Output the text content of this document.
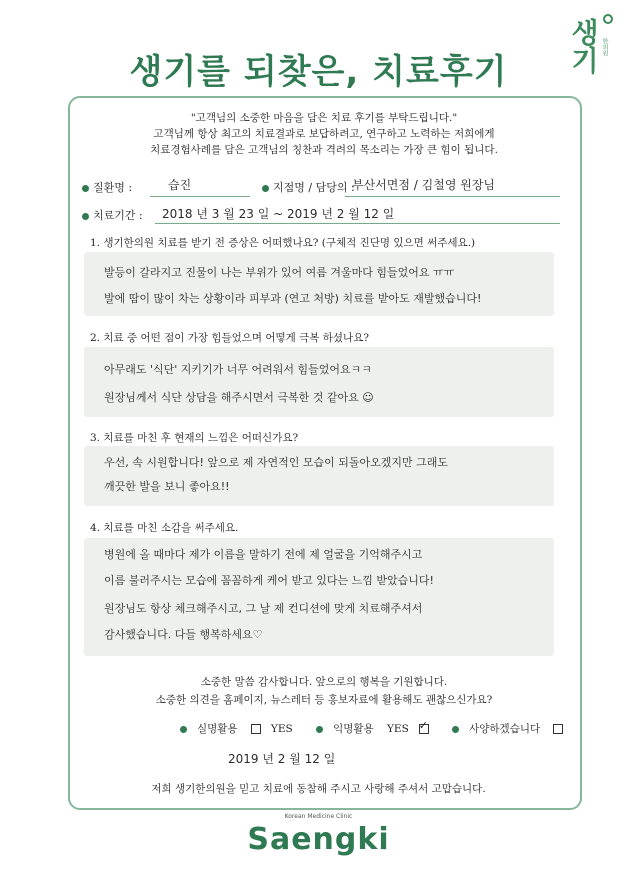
생기를 되찾은, 치료후기	생기 한의원
"고객님의 소중한 마음을 담은 치료 후기를 부탁드립니다."
고객님께 항상 최고의 치료결과로 보답하려고, 연구하고 노력하는 저희에게
치료경험사례를 담은 고객님의 칭찬과 격려의 목소리는 가장 큰 힘이 됩니다.
질환명 :	습진	지점명 / 담당의 :
부산서면점 / 김철영 원장님
치료기간 : 2018 년 3 월 23 일 ~ 2019 년 2 월 12 일
1. 생기한의원 치료를 받기 전 증상은 어떠했나요? (구체적 진단명 있으면 써주세요.)
발등이 갈라지고 진물이 나는 부위가 있어 여름 겨울마다 힘들었어요 ㅠㅠ
발에 땀이 많이 차는 상황이라 피부과 (연고 처방) 치료를 받아도 재발했습니다!
2. 치료 중 어떤 점이 가장 힘들었으며 어떻게 극복 하셨나요?
아무래도 '식단' 지키기가 너무 어려워서 힘들었어요ㅋㅋ
원장님께서 식단 상담을 해주시면서 극복한 것 같아요 ☺
3. 치료를 마친 후 현재의 느낌은 어떠신가요?
우선, 속 시원합니다! 앞으로 제 자연적인 모습이 되돌아오겠지만 그래도
깨끗한 발을 보니 좋아요!!
4. 치료를 마친 소감을 써주세요.
병원에 올 때마다 제가 이름을 말하기 전에 제 얼굴을 기억해주시고
이름 불러주시는 모습에 꼼꼼하게 케어 받고 있다는 느낌 받았습니다!
원장님도 항상 체크해주시고, 그 날 제 컨디션에 맞게 치료해주셔서
감사했습니다. 다들 행복하세요♡
소중한 말씀 감사합니다. 앞으로의 행복을 기원합니다.
소중한 의견을 홈페이지, 뉴스레터 등 홍보자료에 활용해도 괜찮으신가요?
실명활용	YES	익명활용 YES✓	사양하겠습니다
2019 년 2 월 12 일
저희 생기한의원을 믿고 치료에 동참해 주시고 사랑해 주셔서 고맙습니다.
Korean Medicine Clinic
Saengki
